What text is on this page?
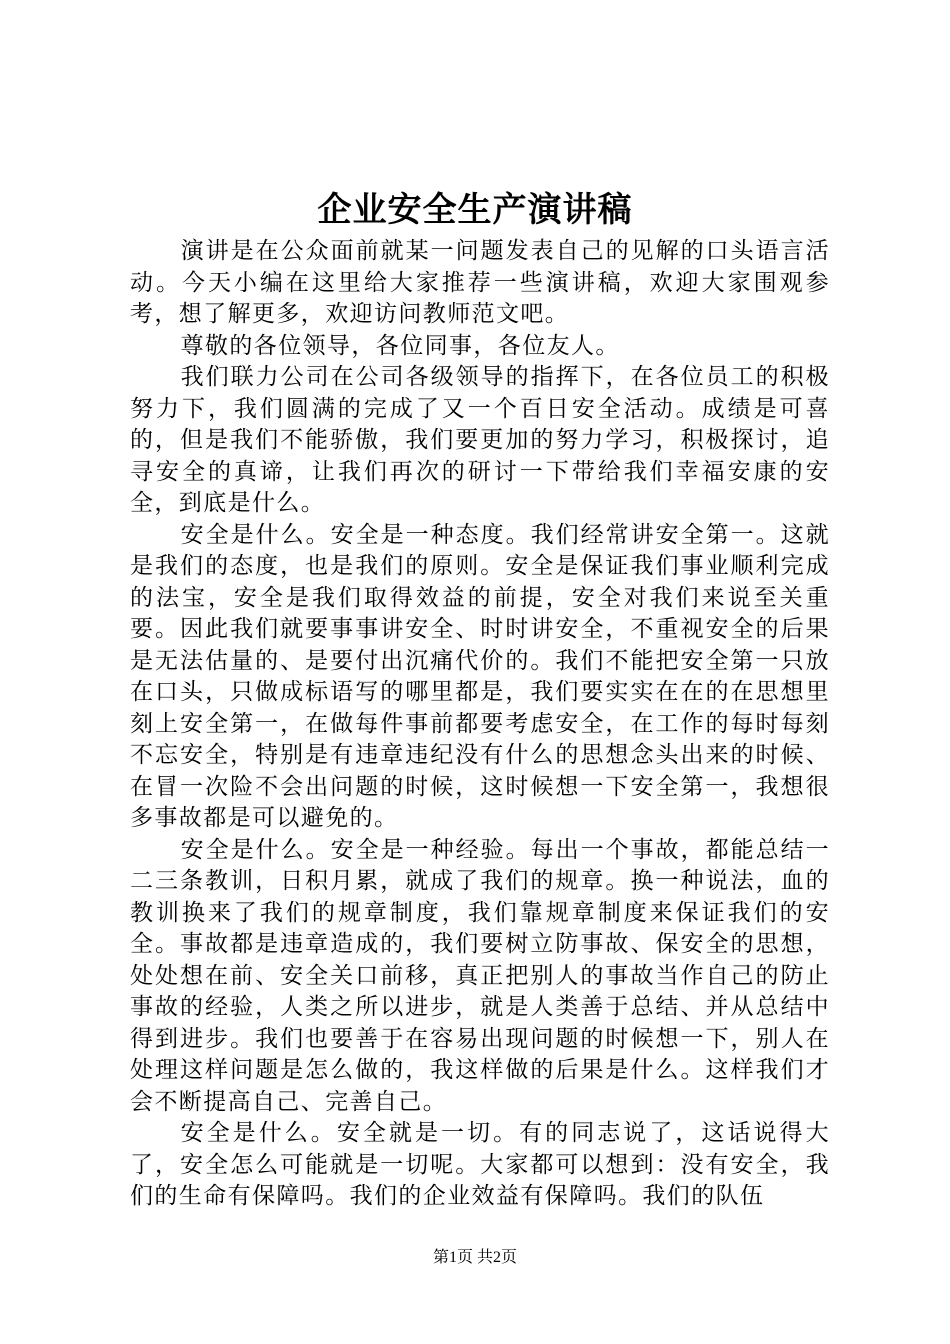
企业安全生产演讲稿

演讲是在公众面前就某一问题发表自己的见解的口头语言活动。今天小编在这里给大家推荐一些演讲稿，欢迎大家围观参考，想了解更多，欢迎访问教师范文吧。

尊敬的各位领导，各位同事，各位友人。

我们联力公司在公司各级领导的指挥下，在各位员工的积极努力下，我们圆满的完成了又一个百日安全活动。成绩是可喜的，但是我们不能骄傲，我们要更加的努力学习，积极探讨，追寻安全的真谛，让我们再次的研讨一下带给我们幸福安康的安全，到底是什么。

安全是什么。安全是一种态度。我们经常讲安全第一。这就是我们的态度，也是我们的原则。安全是保证我们事业顺利完成的法宝，安全是我们取得效益的前提，安全对我们来说至关重要。因此我们就要事事讲安全、时时讲安全，不重视安全的后果是无法估量的、是要付出沉痛代价的。我们不能把安全第一只放在口头，只做成标语写的哪里都是，我们要实实在在的在思想里刻上安全第一，在做每件事前都要考虑安全，在工作的每时每刻不忘安全，特别是有违章违纪没有什么的思想念头出来的时候、在冒一次险不会出问题的时候，这时候想一下安全第一，我想很多事故都是可以避免的。

安全是什么。安全是一种经验。每出一个事故，都能总结一二三条教训，日积月累，就成了我们的规章。换一种说法，血的教训换来了我们的规章制度，我们靠规章制度来保证我们的安全。事故都是违章造成的，我们要树立防事故、保安全的思想，处处想在前、安全关口前移，真正把别人的事故当作自己的防止事故的经验，人类之所以进步，就是人类善于总结、并从总结中得到进步。我们也要善于在容易出现问题的时候想一下，别人在处理这样问题是怎么做的，我这样做的后果是什么。这样我们才会不断提高自己、完善自己。

安全是什么。安全就是一切。有的同志说了，这话说得大了，安全怎么可能就是一切呢。大家都可以想到：没有安全，我们的生命有保障吗。我们的企业效益有保障吗。我们的队伍

第1页 共2页
